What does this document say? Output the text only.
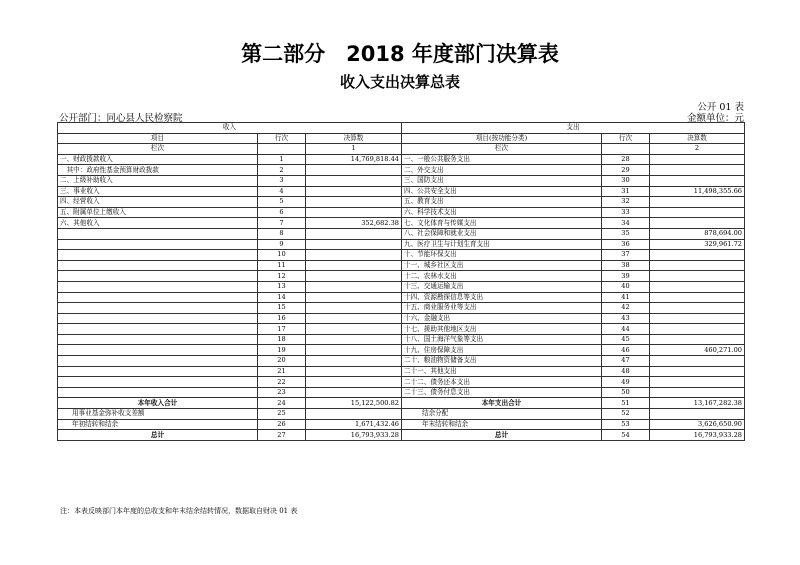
第二部分　2018 年度部门决算表
收入支出决算总表
公开 01 表
公开部门：同心县人民检察院	金额单位：元
收入			支出		
项目	行次	决算数	项目(按功能分类)	行次	决算数
栏次		1	栏次		2
一、财政拨款收入	1	14,769,818.44	一、一般公共服务支出	28	
　其中：政府性基金预算财政拨款	2		二、外交支出	29	
二、上级补助收入	3		三、国防支出	30	
三、事业收入	4		四、公共安全支出	31	11,498,355.66
四、经营收入	5		五、教育支出	32	
五、附属单位上缴收入	6		六、科学技术支出	33	
六、其他收入	7	352,682.38	七、文化体育与传媒支出	34	
	8		八、社会保障和就业支出	35	878,694.00
	9		九、医疗卫生与计划生育支出	36	329,961.72
	10		十、节能环保支出	37	
	11		十一、城乡社区支出	38	
	12		十二、农林水支出	39	
	13		十三、交通运输支出	40	
	14		十四、资源勘探信息等支出	41	
	15		十五、商业服务业等支出	42	
	16		十六、金融支出	43	
	17		十七、援助其他地区支出	44	
	18		十八、国土海洋气象等支出	45	
	19		十九、住房保障支出	46	460,271.00
	20		二十、粮油物资储备支出	47	
	21		二十一、其他支出	48	
	22		二十二、债务还本支出	49	
	23		二十三、债务付息支出	50	
本年收入合计	24	15,122,500.82	本年支出合计	51	13,167,282.38
用事业基金弥补收支差额	25		结余分配	52	
年初结转和结余	26	1,671,432.46	年末结转和结余	53	3,626,650.90
总计	27	16,793,933.28	总计	54	16,793,933.28
注：本表反映部门本年度的总收支和年末结余结转情况，数据取自财决 01 表
